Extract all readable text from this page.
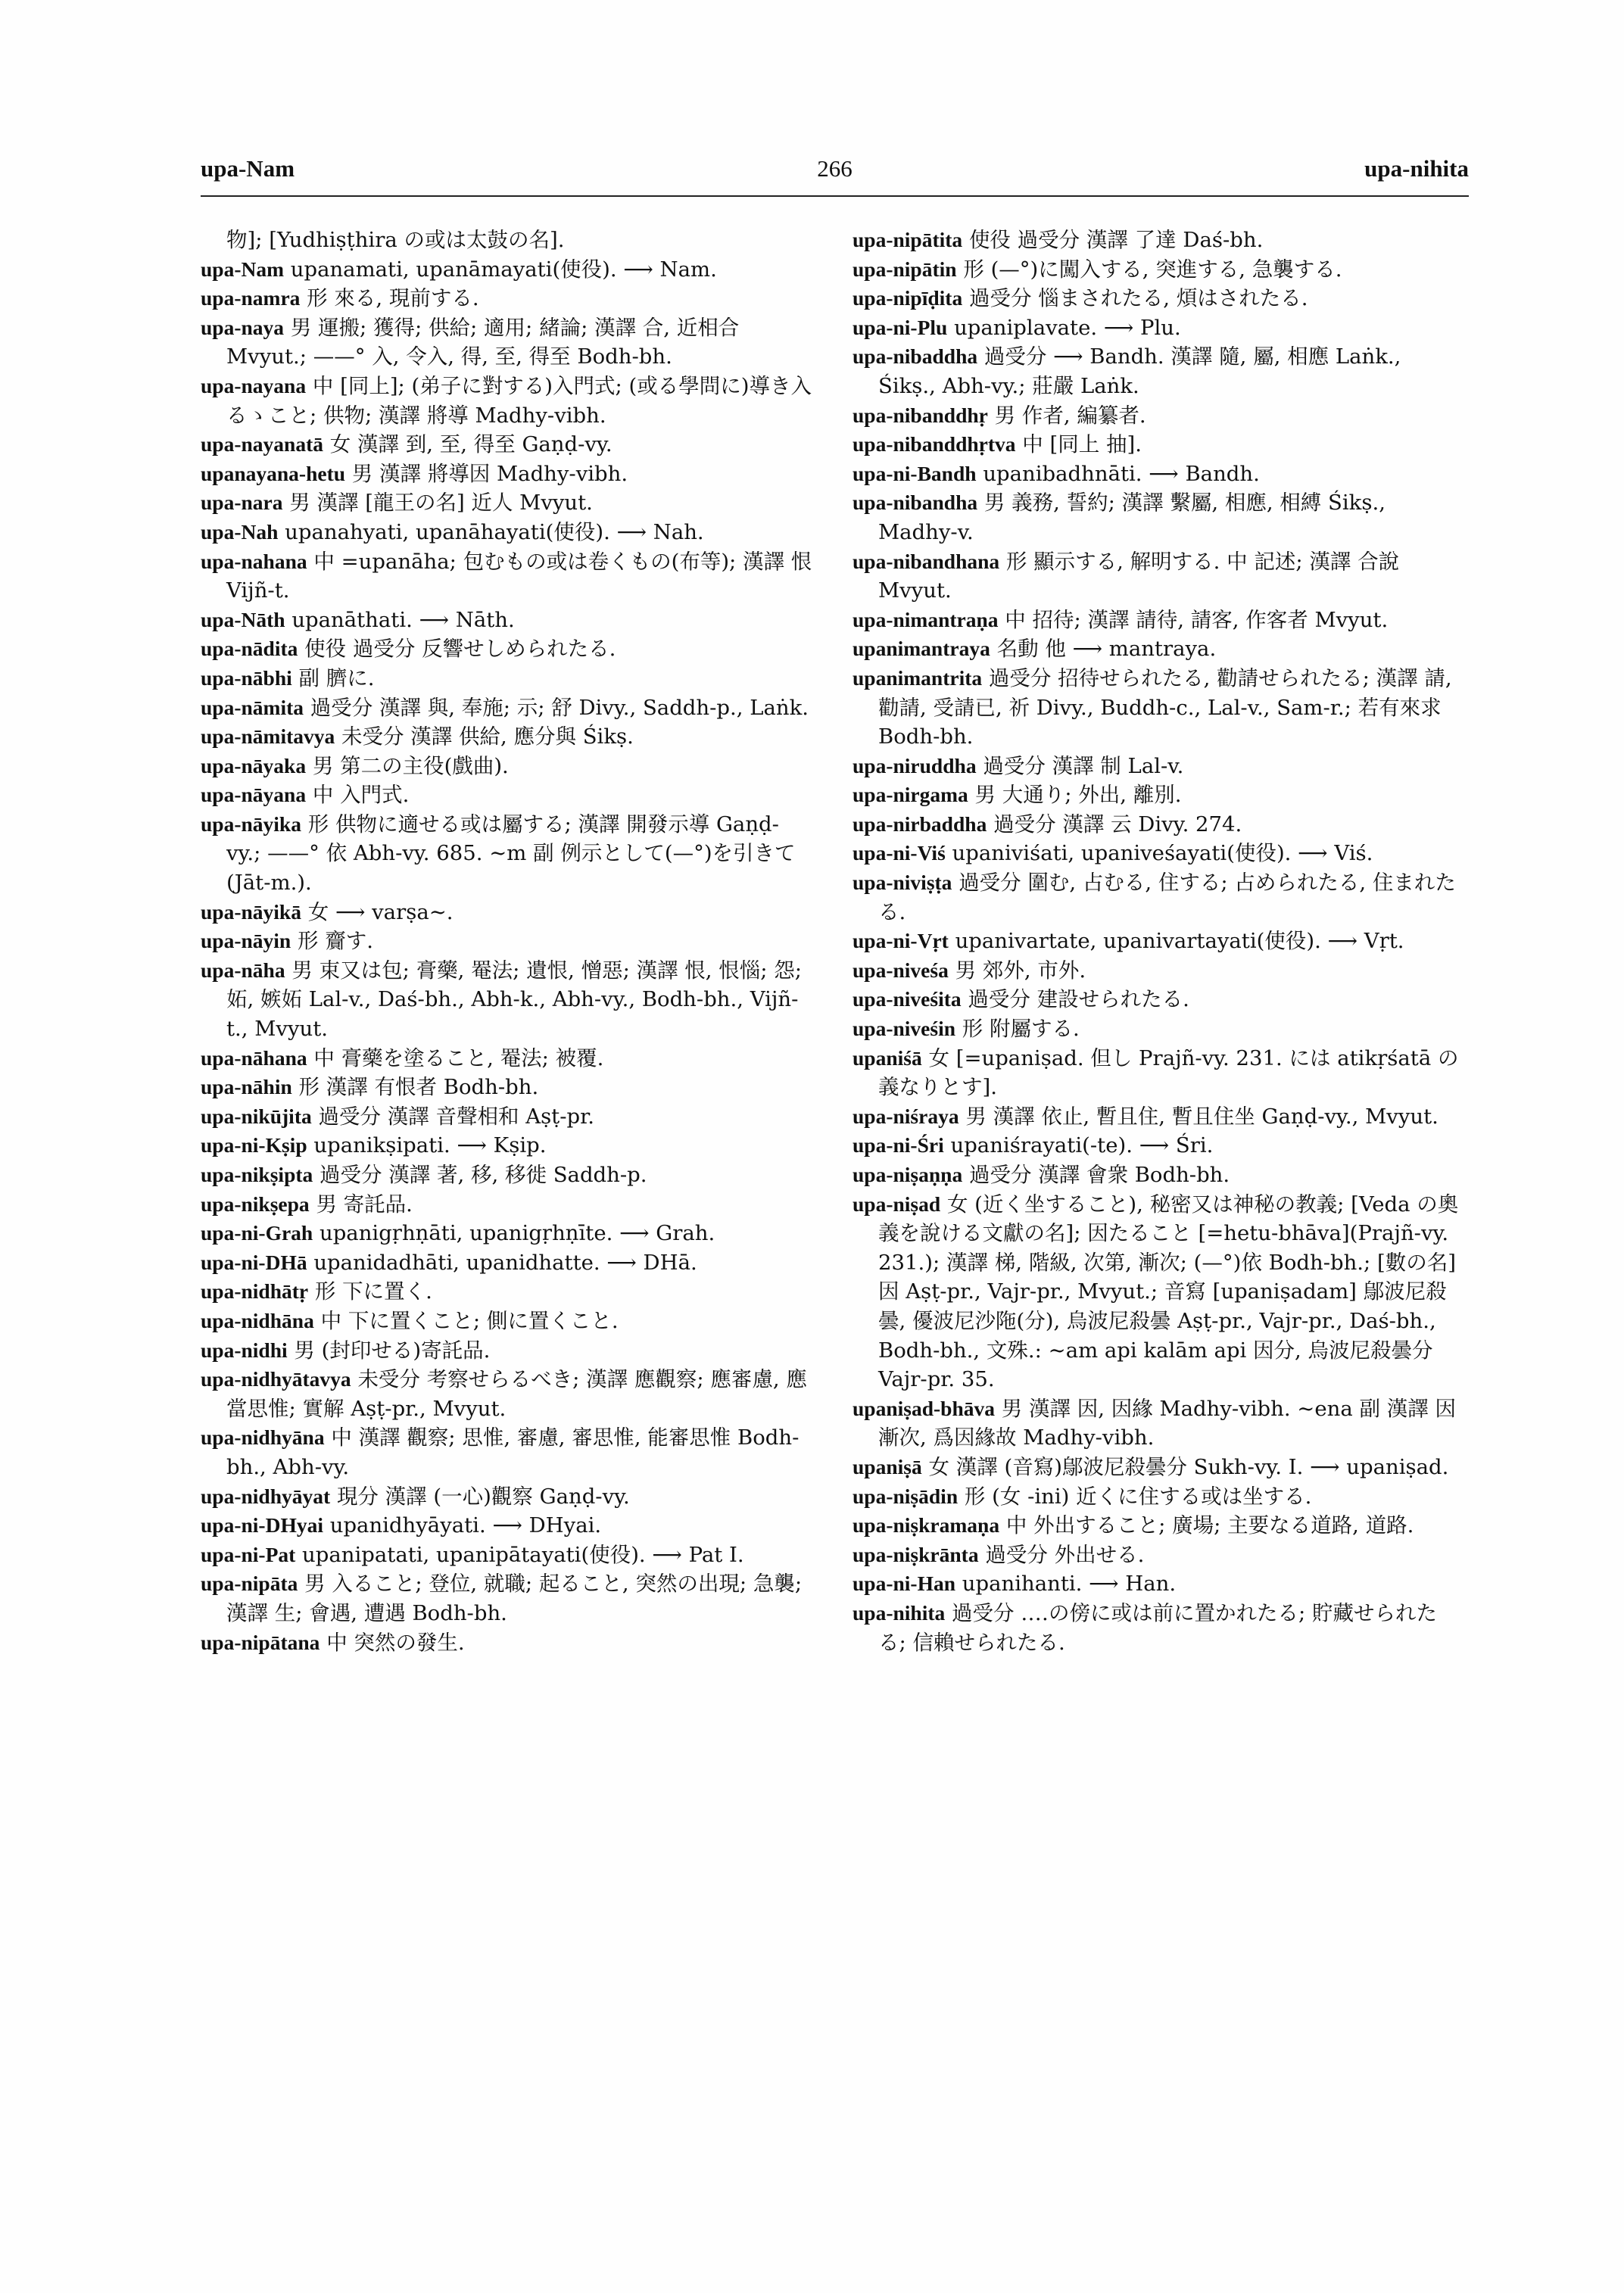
upa-Nam	266	upa-nihita

物]; [Yudhiṣṭhira の或は太鼓の名].

upa-Nam upanamati, upanāmayati(使役). ⟶ Nam.

upa-namra 形 來る, 現前する.

upa-naya 男 運搬; 獲得; 供給; 適用; 緒論; 漢譯 合, 近相合 Mvyut.; ——° 入, 令入, 得, 至, 得至 Bodh-bh.

upa-nayana 中 [同上]; (弟子に對する)入門式; (或る學問に)導き入るゝこと; 供物; 漢譯 將導 Madhy-vibh.

upa-nayanatā 女 漢譯 到, 至, 得至 Gaṇḍ-vy.

upanayana-hetu 男 漢譯 將導因 Madhy-vibh.

upa-nara 男 漢譯 [龍王の名] 近人 Mvyut.

upa-Nah upanahyati, upanāhayati(使役). ⟶ Nah.

upa-nahana 中 =upanāha; 包むもの或は卷くもの(布等); 漢譯 恨 Vijñ-t.

upa-Nāth upanāthati. ⟶ Nāth.

upa-nādita 使役 過受分 反響せしめられたる.

upa-nābhi 副 臍に.

upa-nāmita 過受分 漢譯 與, 奉施; 示; 舒 Divy., Saddh-p., Laṅk.

upa-nāmitavya 未受分 漢譯 供給, 應分與 Śikṣ.

upa-nāyaka 男 第二の主役(戲曲).

upa-nāyana 中 入門式.

upa-nāyika 形 供物に適せる或は屬する; 漢譯 開發示導 Gaṇḍ-vy.; ——° 依 Abh-vy. 685. ∼m 副 例示として(—°)を引きて(Jāt-m.).

upa-nāyikā 女 ⟶ varṣa∼.

upa-nāyin 形 齎す.

upa-nāha 男 束又は包; 膏藥, 罨法; 遺恨, 憎惡; 漢譯 恨, 恨惱; 怨; 妬, 嫉妬 Lal-v., Daś-bh., Abh-k., Abh-vy., Bodh-bh., Vijñ-t., Mvyut.

upa-nāhana 中 膏藥を塗ること, 罨法; 被覆.

upa-nāhin 形 漢譯 有恨者 Bodh-bh.

upa-nikūjita 過受分 漢譯 音聲相和 Aṣṭ-pr.

upa-ni-Kṣip upanikṣipati. ⟶ Kṣip.

upa-nikṣipta 過受分 漢譯 著, 移, 移徙 Saddh-p.

upa-nikṣepa 男 寄託品.

upa-ni-Grah upanigṛhṇāti, upanigṛhṇīte. ⟶ Grah.

upa-ni-DHā upanidadhāti, upanidhatte. ⟶ DHā.

upa-nidhātṛ 形 下に置く.

upa-nidhāna 中 下に置くこと; 側に置くこと.

upa-nidhi 男 (封印せる)寄託品.

upa-nidhyātavya 未受分 考察せらるべき; 漢譯 應觀察; 應審慮, 應當思惟; 實解 Aṣṭ-pr., Mvyut.

upa-nidhyāna 中 漢譯 觀察; 思惟, 審慮, 審思惟, 能審思惟 Bodh-bh., Abh-vy.

upa-nidhyāyat 現分 漢譯 (一心)觀察 Gaṇḍ-vy.

upa-ni-DHyai upanidhyāyati. ⟶ DHyai.

upa-ni-Pat upanipatati, upanipātayati(使役). ⟶ Pat I.

upa-nipāta 男 入ること; 登位, 就職; 起ること, 突然の出現; 急襲; 漢譯 生; 會遇, 遭遇 Bodh-bh.

upa-nipātana 中 突然の發生.

upa-nipātita 使役 過受分 漢譯 了達 Daś-bh.

upa-nipātin 形 (—°)に闖入する, 突進する, 急襲する.

upa-nipīḍita 過受分 惱まされたる, 煩はされたる.

upa-ni-Plu upaniplavate. ⟶ Plu.

upa-nibaddha 過受分 ⟶ Bandh. 漢譯 隨, 屬, 相應 Laṅk., Śikṣ., Abh-vy.; 莊嚴 Laṅk.

upa-nibanddhṛ 男 作者, 編纂者.

upa-nibanddhṛtva 中 [同上 抽].

upa-ni-Bandh upanibadhnāti. ⟶ Bandh.

upa-nibandha 男 義務, 誓約; 漢譯 繫屬, 相應, 相縛 Śikṣ., Madhy-v.

upa-nibandhana 形 顯示する, 解明する. 中 記述; 漢譯 合說 Mvyut.

upa-nimantraṇa 中 招待; 漢譯 請待, 請客, 作客者 Mvyut.

upanimantraya 名動 他 ⟶ mantraya.

upanimantrita 過受分 招待せられたる, 勸請せられたる; 漢譯 請, 勸請, 受請已, 祈 Divy., Buddh-c., Lal-v., Sam-r.; 若有來求 Bodh-bh.

upa-niruddha 過受分 漢譯 制 Lal-v.

upa-nirgama 男 大通り; 外出, 離別.

upa-nirbaddha 過受分 漢譯 云 Divy. 274.

upa-ni-Viś upaniviśati, upaniveśayati(使役). ⟶ Viś.

upa-niviṣṭa 過受分 圍む, 占むる, 住する; 占められたる, 住まれたる.

upa-ni-Vṛt upanivartate, upanivartayati(使役). ⟶ Vṛt.

upa-niveśa 男 郊外, 市外.

upa-niveśita 過受分 建設せられたる.

upa-niveśin 形 附屬する.

upaniśā 女 [=upaniṣad. 但し Prajñ-vy. 231. には atikṛśatā の義なりとす].

upa-niśraya 男 漢譯 依止, 暫且住, 暫且住坐 Gaṇḍ-vy., Mvyut.

upa-ni-Śri upaniśrayati(-te). ⟶ Śri.

upa-niṣaṇṇa 過受分 漢譯 會衆 Bodh-bh.

upa-niṣad 女 (近く坐すること), 秘密又は神秘の教義; [Veda の奧義を說ける文獻の名]; 因たること [=hetu-bhāva](Prajñ-vy. 231.); 漢譯 梯, 階級, 次第, 漸次; (—°)依 Bodh-bh.; [數の名] 因 Aṣṭ-pr., Vajr-pr., Mvyut.; 音寫 [upaniṣadam] 鄔波尼殺曇, 優波尼沙陁(分), 烏波尼殺曇 Aṣṭ-pr., Vajr-pr., Daś-bh., Bodh-bh., 文殊.: ∼am api kalām api 因分, 烏波尼殺曇分 Vajr-pr. 35.

upaniṣad-bhāva 男 漢譯 因, 因緣 Madhy-vibh. ∼ena 副 漢譯 因漸次, 爲因緣故 Madhy-vibh.

upaniṣā 女 漢譯 (音寫)鄔波尼殺曇分 Sukh-vy. I. ⟶ upaniṣad.

upa-niṣādin 形 (女 -ini) 近くに住する或は坐する.

upa-niṣkramaṇa 中 外出すること; 廣場; 主要なる道路, 道路.

upa-niṣkrānta 過受分 外出せる.

upa-ni-Han upanihanti. ⟶ Han.

upa-nihita 過受分 ‥‥の傍に或は前に置かれたる; 貯藏せられたる; 信賴せられたる.
